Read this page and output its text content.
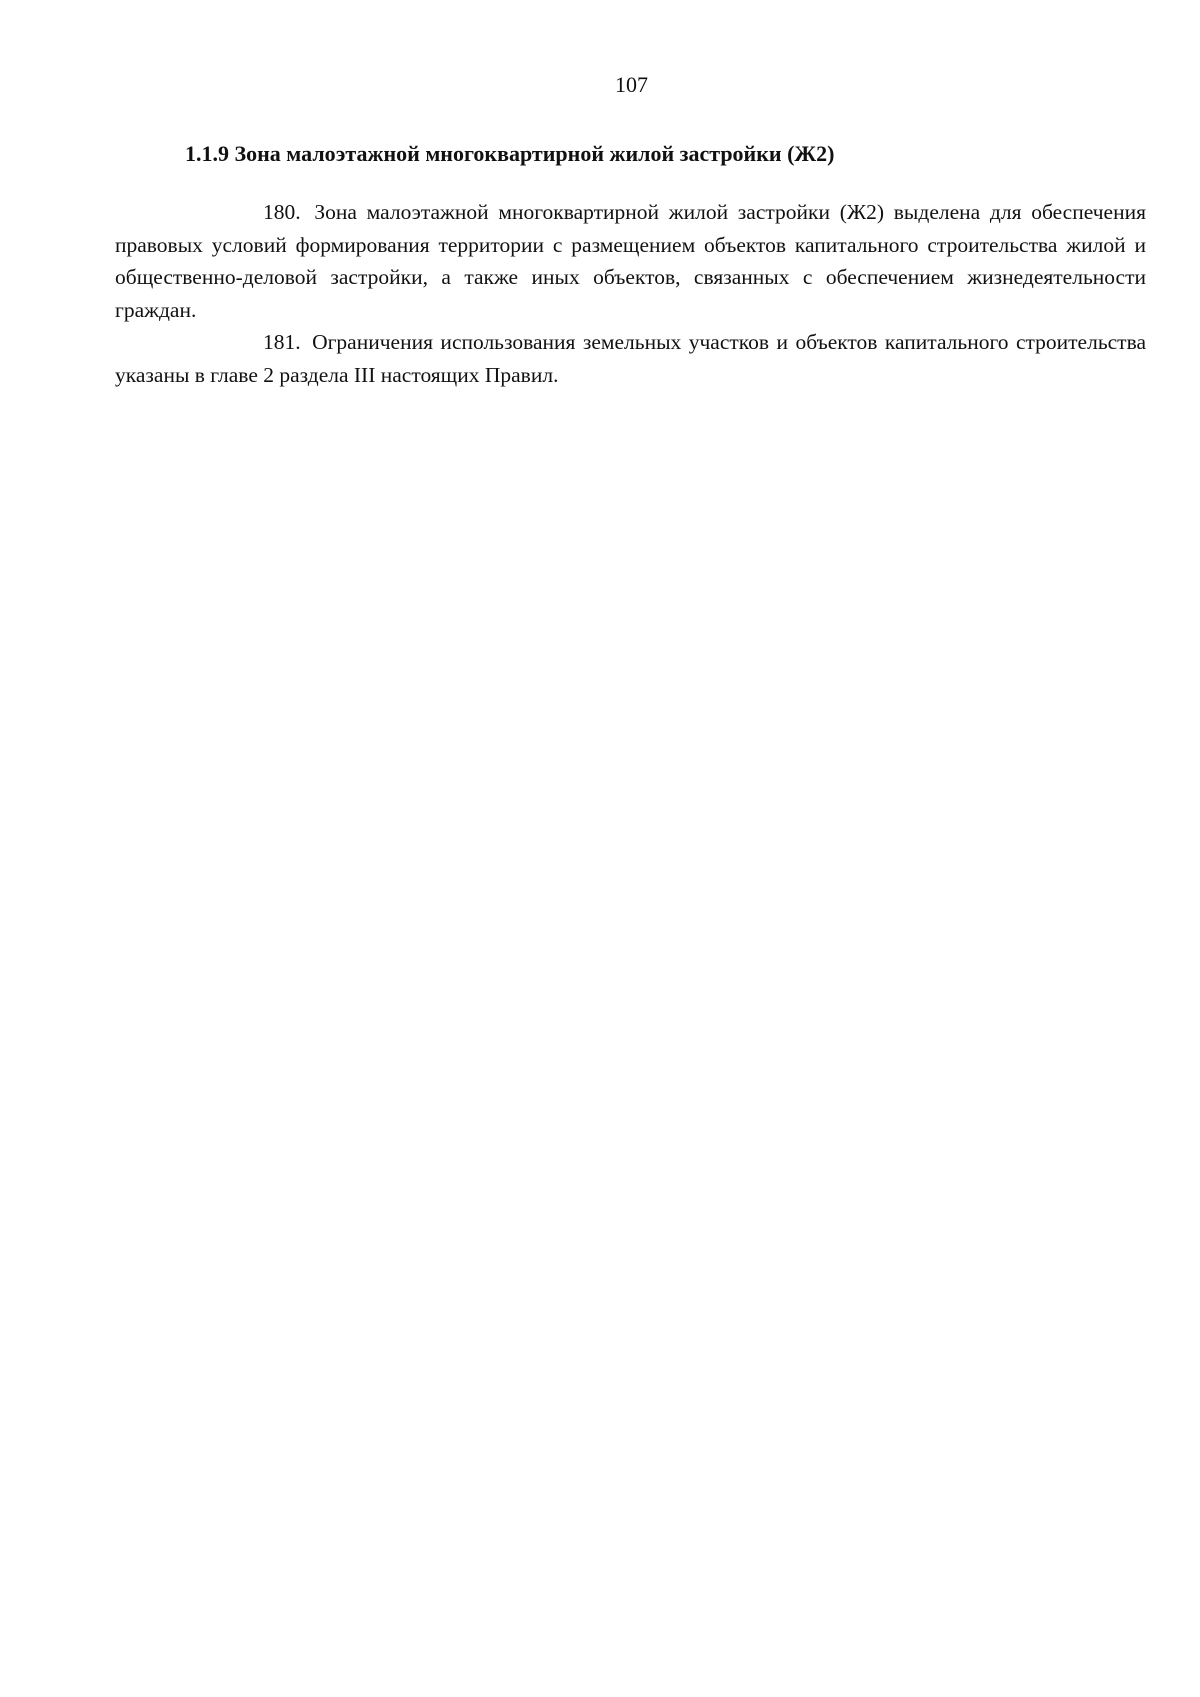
107
1.1.9 Зона малоэтажной многоквартирной жилой застройки (Ж2)

180. Зона малоэтажной многоквартирной жилой застройки (Ж2) выделена для обеспечения правовых условий формирования территории с размещением объектов капитального строительства жилой и общественно-деловой застройки, а также иных объектов, связанных с обеспечением жизнедеятельности граждан.

181. Ограничения использования земельных участков и объектов капитального строительства указаны в главе 2 раздела III настоящих Правил.
